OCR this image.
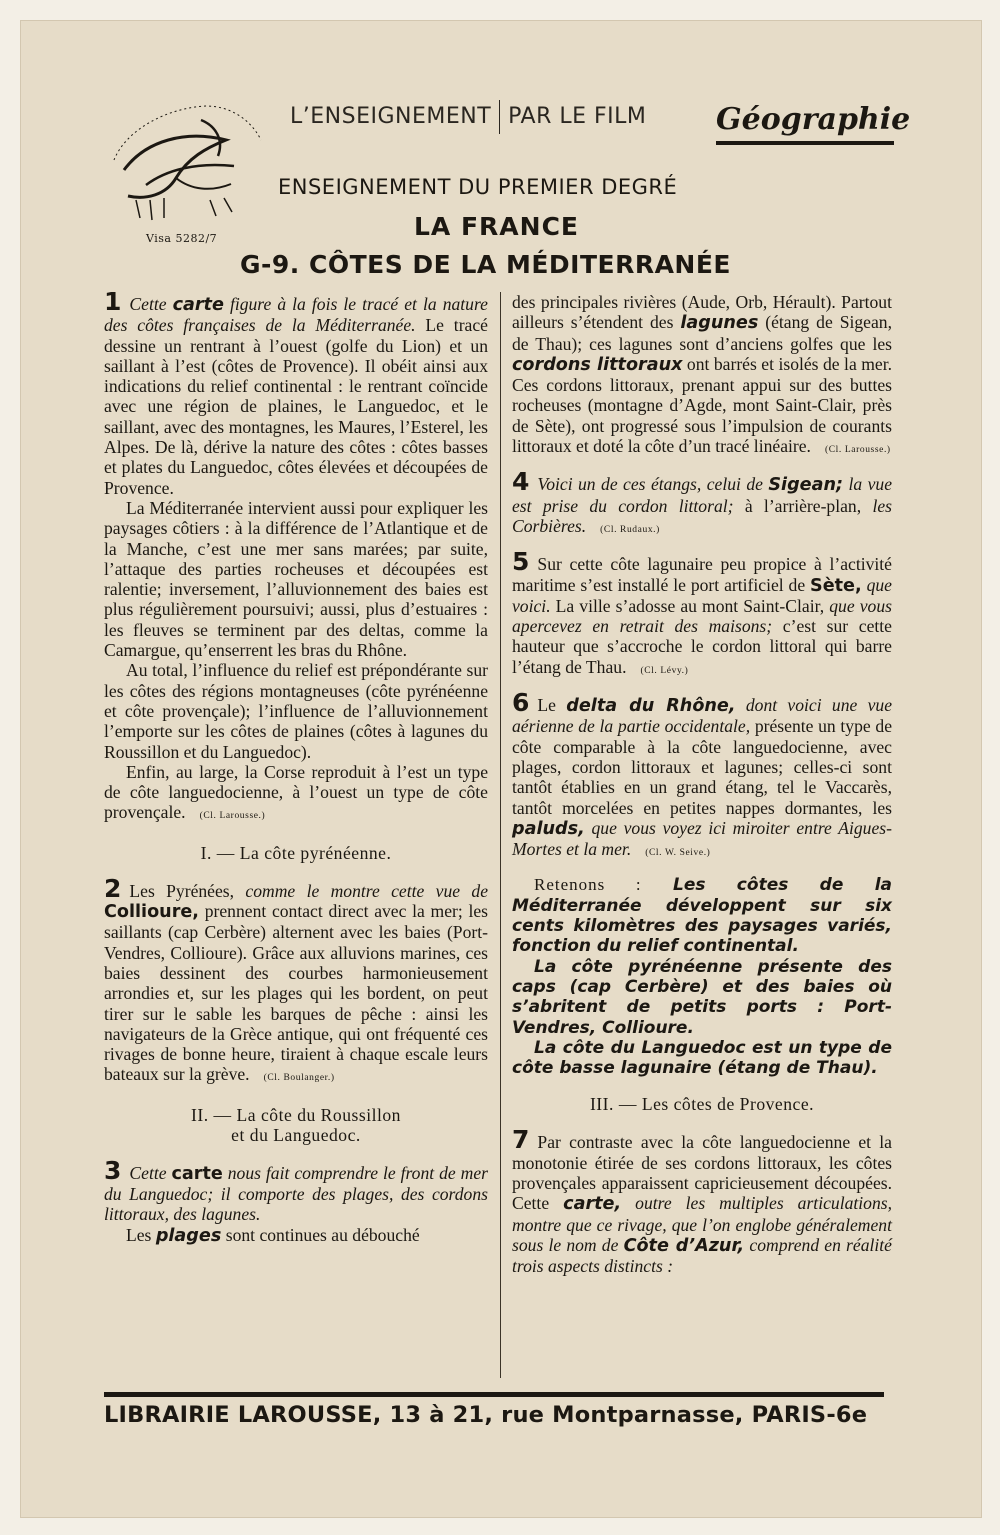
Visa 5282/7
L’ENSEIGNEMENT PAR LE FILM Géographie
ENSEIGNEMENT DU PREMIER DEGRÉ
LA FRANCE
G-9. CÔTES DE LA MÉDITERRANÉE

1 Cette carte figure à la fois le tracé et la nature des côtes françaises de la Méditerranée. Le tracé dessine un rentrant à l’ouest (golfe du Lion) et un saillant à l’est (côtes de Provence). Il obéit ainsi aux indications du relief continental : le rentrant coïncide avec une région de plaines, le Languedoc, et le saillant, avec des montagnes, les Maures, l’Esterel, les Alpes. De là, dérive la nature des côtes : côtes basses et plates du Languedoc, côtes élevées et découpées de Provence.

La Méditerranée intervient aussi pour expliquer les paysages côtiers : à la différence de l’Atlantique et de la Manche, c’est une mer sans marées; par suite, l’attaque des parties rocheuses et découpées est ralentie; inversement, l’alluvionnement des baies est plus régulièrement poursuivi; aussi, plus d’estuaires : les fleuves se terminent par des deltas, comme la Camargue, qu’enserrent les bras du Rhône.

Au total, l’influence du relief est prépondérante sur les côtes des régions montagneuses (côte pyrénéenne et côte provençale); l’influence de l’alluvionnement l’emporte sur les côtes de plaines (côtes à lagunes du Roussillon et du Languedoc).

Enfin, au large, la Corse reproduit à l’est un type de côte languedocienne, à l’ouest un type de côte provençale. (Cl. Larousse.)

I. — La côte pyrénéenne.

2 Les Pyrénées, comme le montre cette vue de Collioure, prennent contact direct avec la mer; les saillants (cap Cerbère) alternent avec les baies (Port-Vendres, Collioure). Grâce aux alluvions marines, ces baies dessinent des courbes harmonieusement arrondies et, sur les plages qui les bordent, on peut tirer sur le sable les barques de pêche : ainsi les navigateurs de la Grèce antique, qui ont fréquenté ces rivages de bonne heure, tiraient à chaque escale leurs bateaux sur la grève. (Cl. Boulanger.)

II. — La côte du Roussillon
et du Languedoc.

3 Cette carte nous fait comprendre le front de mer du Languedoc; il comporte des plages, des cordons littoraux, des lagunes.

Les plages sont continues au débouché

des principales rivières (Aude, Orb, Hérault). Partout ailleurs s’étendent des lagunes (étang de Sigean, de Thau); ces lagunes sont d’anciens golfes que les cordons littoraux ont barrés et isolés de la mer. Ces cordons littoraux, prenant appui sur des buttes rocheuses (montagne d’Agde, mont Saint-Clair, près de Sète), ont progressé sous l’impulsion de courants littoraux et doté la côte d’un tracé linéaire. (Cl. Larousse.)

4 Voici un de ces étangs, celui de Sigean; la vue est prise du cordon littoral; à l’arrière-plan, les Corbières. (Cl. Rudaux.)

5 Sur cette côte lagunaire peu propice à l’activité maritime s’est installé le port artificiel de Sète, que voici. La ville s’adosse au mont Saint-Clair, que vous apercevez en retrait des maisons; c’est sur cette hauteur que s’accroche le cordon littoral qui barre l’étang de Thau. (Cl. Lévy.)

6 Le delta du Rhône, dont voici une vue aérienne de la partie occidentale, présente un type de côte comparable à la côte languedocienne, avec plages, cordon littoraux et lagunes; celles-ci sont tantôt établies en un grand étang, tel le Vaccarès, tantôt morcelées en petites nappes dormantes, les paluds, que vous voyez ici miroiter entre Aigues-Mortes et la mer. (Cl. W. Seive.)

Retenons : Les côtes de la Méditerranée développent sur six cents kilomètres des paysages variés, fonction du relief continental.

La côte pyrénéenne présente des caps (cap Cerbère) et des baies où s’abritent de petits ports : Port-Vendres, Collioure.

La côte du Languedoc est un type de côte basse lagunaire (étang de Thau).

III. — Les côtes de Provence.

7 Par contraste avec la côte languedocienne et la monotonie étirée de ses cordons littoraux, les côtes provençales apparaissent capricieusement découpées. Cette carte, outre les multiples articulations, montre que ce rivage, que l’on englobe généralement sous le nom de Côte d’Azur, comprend en réalité trois aspects distincts :

LIBRAIRIE LAROUSSE, 13 à 21, rue Montparnasse, PARIS-6e
